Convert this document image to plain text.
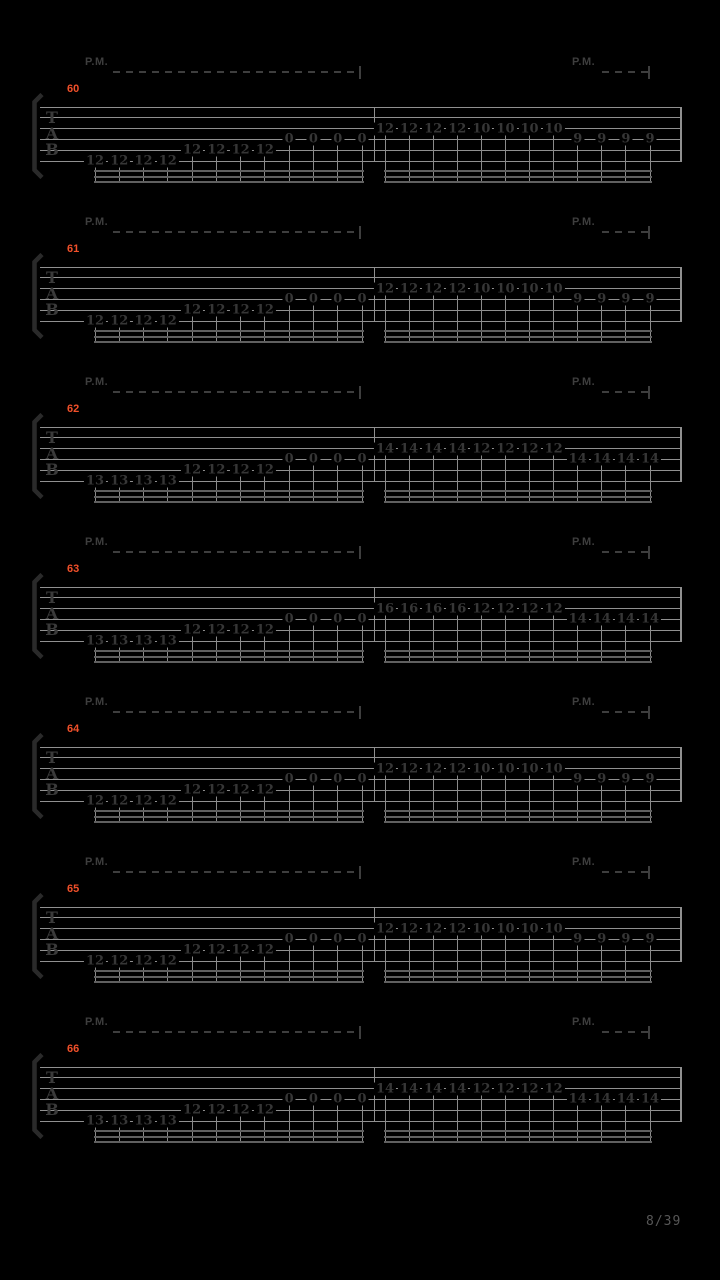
T
A
B
60
P.M.	P.M.
12 12 12 12
12 12 12 12
0 0 0 0
12 12 12 12 10 10 10 10
9 9 9 9
T
A
B
61
P.M.	P.M.
12 12 12 12
12 12 12 12
0 0 0 0
12 12 12 12 10 10 10 10
9 9 9 9
T
A
B
62
P.M.	P.M.
13 13 13 13
12 12 12 12
0 0 0 0
14 14 14 14 12 12 12 12
14 14 14 14
T
A
B
63
P.M.	P.M.
13 13 13 13
12 12 12 12
0 0 0 0
16 16 16 16 12 12 12 12
14 14 14 14
T
A
B
64
P.M.	P.M.
12 12 12 12
12 12 12 12
0 0 0 0
12 12 12 12 10 10 10 10
9 9 9 9
T
A
B
65
P.M.	P.M.
12 12 12 12
12 12 12 12
0 0 0 0
12 12 12 12 10 10 10 10
9 9 9 9
T
A
B
66
P.M.	P.M.
13 13 13 13
12 12 12 12
0 0 0 0
14 14 14 14 12 12 12 12
14 14 14 14
8/39
